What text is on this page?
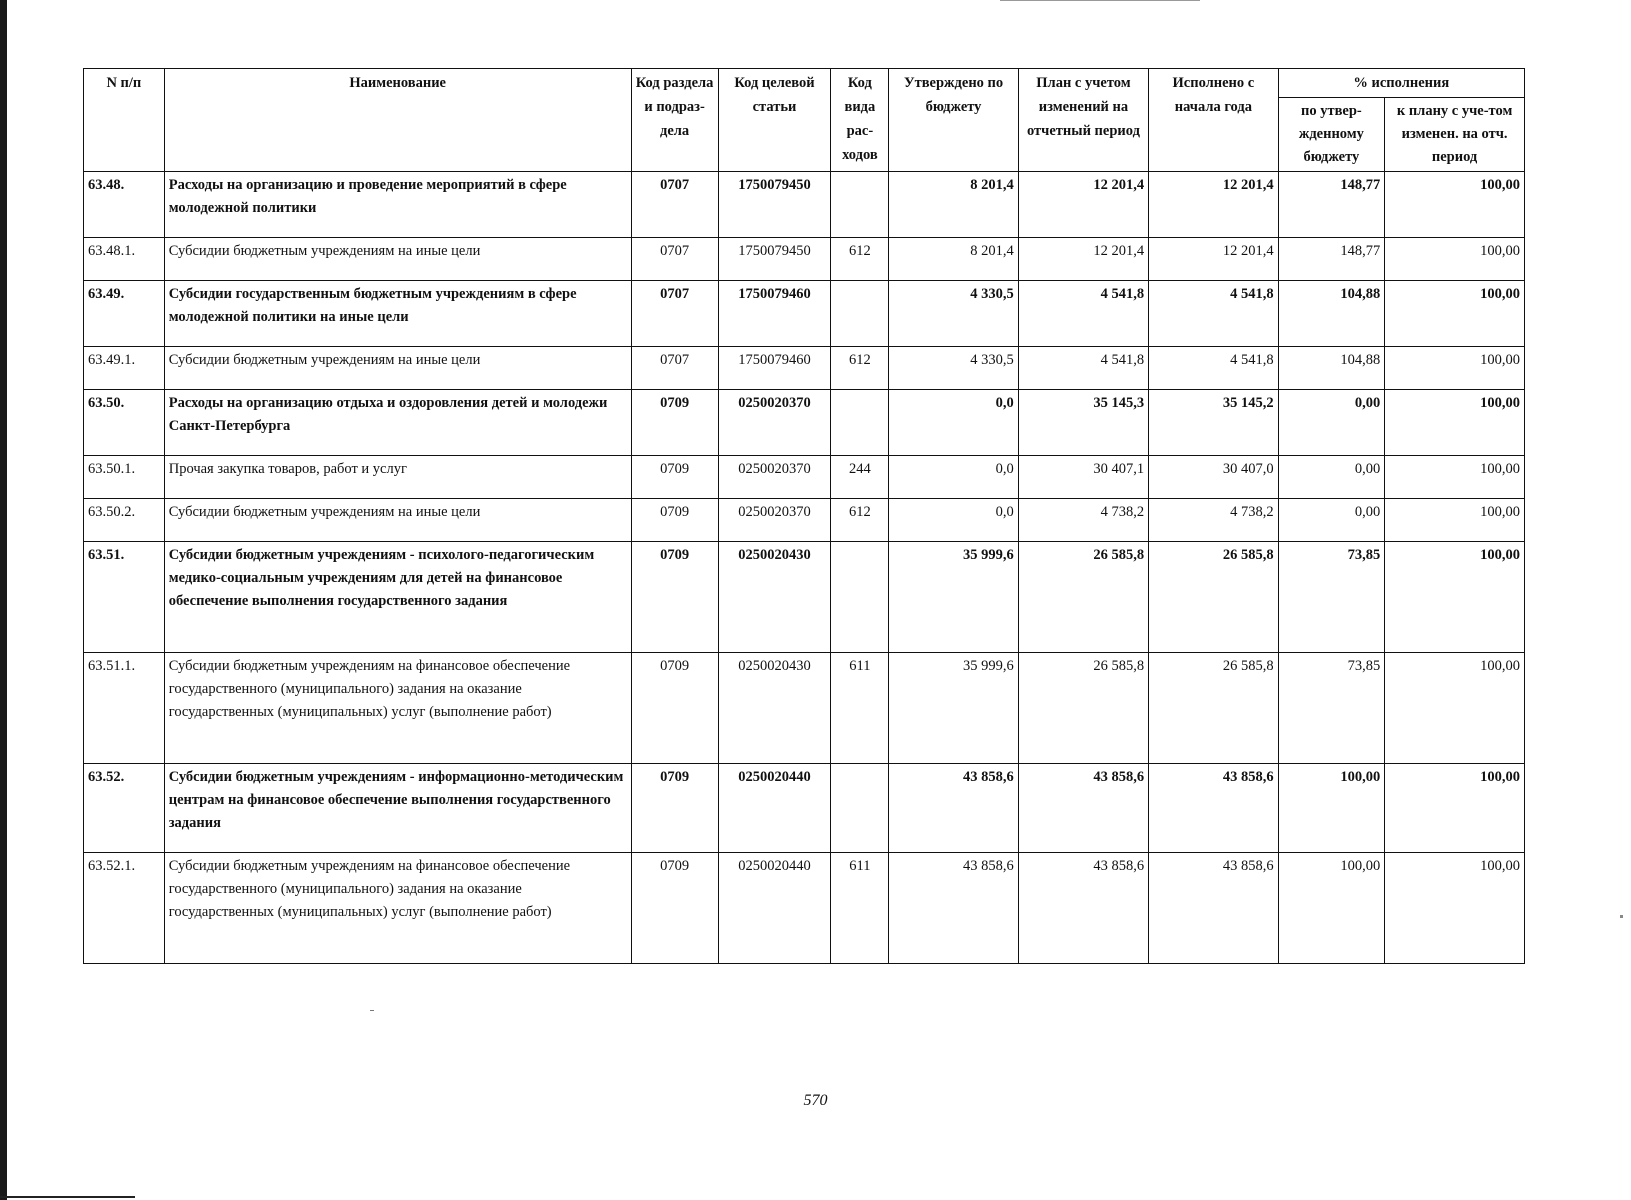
N п/п	Наименование	Код раздела и подраз-дела	Код целевой статьи	Код вида рас-ходов	Утверждено по бюджету	План с учетом изменений на отчетный период	Исполнено с начала года	% исполнения	
								по утвер-жденному бюджету	к плану с уче-том изменен. на отч. период
63.48.	Расходы на организацию и проведение мероприятий в сфере молодежной политики	0707	1750079450		8 201,4	12 201,4	12 201,4	148,77	100,00
63.48.1.	Субсидии бюджетным учреждениям на иные цели	0707	1750079450	612	8 201,4	12 201,4	12 201,4	148,77	100,00
63.49.	Субсидии государственным бюджетным учреждениям в сфере молодежной политики на иные цели	0707	1750079460		4 330,5	4 541,8	4 541,8	104,88	100,00
63.49.1.	Субсидии бюджетным учреждениям на иные цели	0707	1750079460	612	4 330,5	4 541,8	4 541,8	104,88	100,00
63.50.	Расходы на организацию отдыха и оздоровления детей и молодежи Санкт-Петербурга	0709	0250020370		0,0	35 145,3	35 145,2	0,00	100,00
63.50.1.	Прочая закупка товаров, работ и услуг	0709	0250020370	244	0,0	30 407,1	30 407,0	0,00	100,00
63.50.2.	Субсидии бюджетным учреждениям на иные цели	0709	0250020370	612	0,0	4 738,2	4 738,2	0,00	100,00
63.51.	Субсидии бюджетным учреждениям - психолого-педагогическим медико-социальным учреждениям для детей на финансовое обеспечение выполнения государственного задания	0709	0250020430		35 999,6	26 585,8	26 585,8	73,85	100,00
63.51.1.	Субсидии бюджетным учреждениям на финансовое обеспечение государственного (муниципального) задания на оказание государственных (муниципальных) услуг (выполнение работ)	0709	0250020430	611	35 999,6	26 585,8	26 585,8	73,85	100,00
63.52.	Субсидии бюджетным учреждениям - информационно-методическим центрам на финансовое обеспечение выполнения государственного задания	0709	0250020440		43 858,6	43 858,6	43 858,6	100,00	100,00
63.52.1.	Субсидии бюджетным учреждениям на финансовое обеспечение государственного (муниципального) задания на оказание государственных (муниципальных) услуг (выполнение работ)	0709	0250020440	611	43 858,6	43 858,6	43 858,6	100,00	100,00
570
